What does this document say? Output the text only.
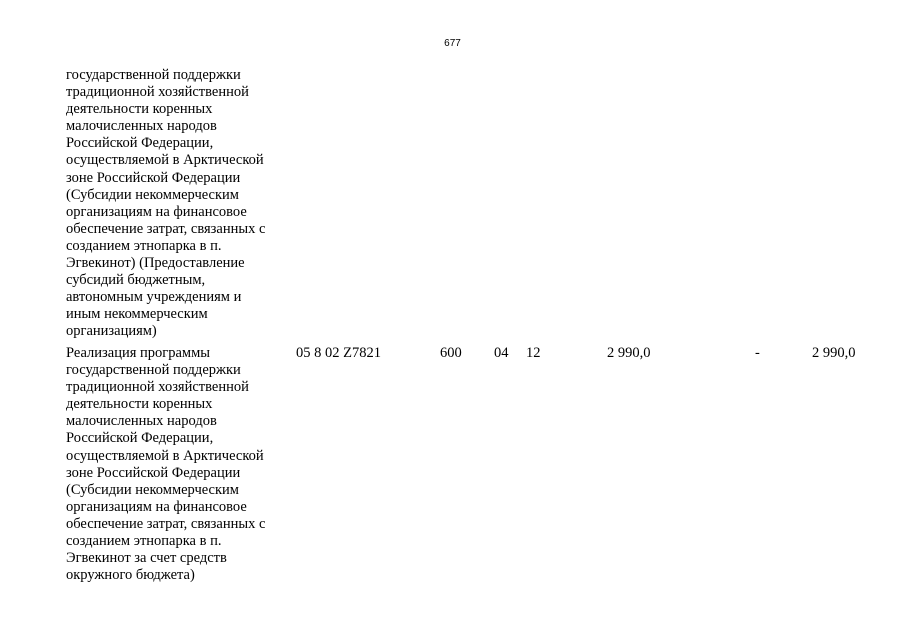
677

государственной поддержки
традиционной хозяйственной
деятельности коренных
малочисленных народов
Российской Федерации,
осуществляемой в Арктической
зоне Российской Федерации
(Субсидии некоммерческим
организациям на финансовое
обеспечение затрат, связанных с
созданием этнопарка в п.
Эгвекинот) (Предоставление
субсидий бюджетным,
автономным учреждениям и
иным некоммерческим
организациям)

Реализация программы
государственной поддержки
традиционной хозяйственной
деятельности коренных
малочисленных народов
Российской Федерации,
осуществляемой в Арктической
зоне Российской Федерации
(Субсидии некоммерческим
организациям на финансовое
обеспечение затрат, связанных с
созданием этнопарка в п.
Эгвекинот за счет средств
окружного бюджета)

05 8 02 Z7821	600 04 12	2 990,0	-	2 990,0
